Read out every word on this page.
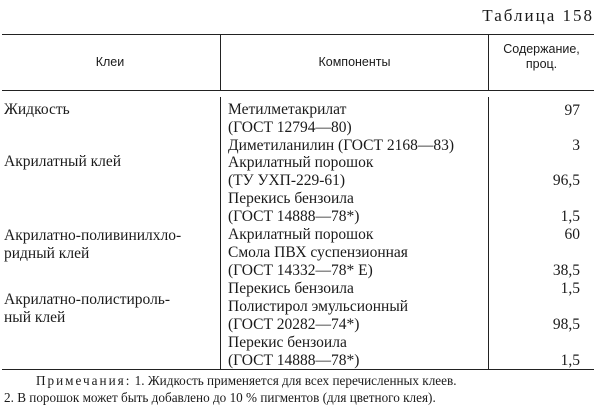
Таблица 158
Клеи	Компоненты
Содержание,
проц.
Жидкость
Акрилатный клей
Акрилатно-поливинилхло-
ридный клей
Акрилатно-полистироль-
ный клей
Метилметакрилат
(ГОСТ 12794—80)
Диметиланилин (ГОСТ 2168—83)
Акрилатный порошок
(ТУ УХП-229-61)
Перекись бензоила
(ГОСТ 14888—78*)
Акрилатный порошок
Смола ПВХ суспензионная
(ГОСТ 14332—78* Е)
Перекись бензоила
Полистирол эмульсионный
(ГОСТ 20282—74*)
Перекис бензоила
(ГОСТ 14888—78*)
97
3
96,5
1,5
60
38,5
1,5
98,5
1,5
Примечания: 1. Жидкость применяется для всех перечисленных клеев.
2. В порошок может быть добавлено до 10 % пигментов (для цветного клея).
